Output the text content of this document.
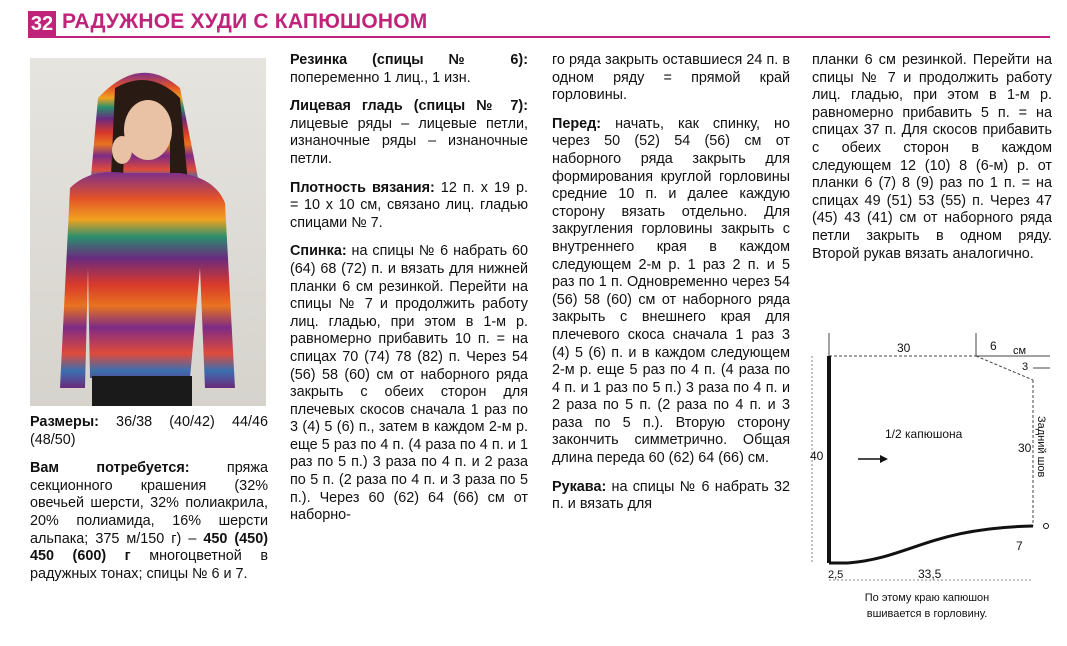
32 РАДУЖНОЕ ХУДИ С КАПЮШОНОМ

Размеры: 36/38 (40/42) 44/46 (48/50)

Вам потребуется: пряжа секционного крашения (32% овечьей шерсти, 32% полиакрила, 20% полиамида, 16% шерсти альпака; 375 м/150 г) – 450 (450) 450 (600) г многоцветной в радужных тонах; спицы № 6 и 7.

Резинка (спицы № 6): попеременно 1 лиц., 1 изн.

Лицевая гладь (спицы № 7): лицевые ряды – лицевые петли, изнаночные ряды – изнаночные петли.

Плотность вязания: 12 п. х 19 р. = 10 х 10 см, связано лиц. гладью спицами № 7.

Спинка: на спицы № 6 набрать 60 (64) 68 (72) п. и вязать для нижней планки 6 см резинкой. Перейти на спицы № 7 и продолжить работу лиц. гладью, при этом в 1-м р. равномерно прибавить 10 п. = на спицах 70 (74) 78 (82) п. Через 54 (56) 58 (60) см от наборного ряда закрыть с обеих сторон для плечевых скосов сначала 1 раз по 3 (4) 5 (6) п., затем в каждом 2-м р. еще 5 раз по 4 п. (4 раза по 4 п. и 1 раз по 5 п.) 3 раза по 4 п. и 2 раза по 5 п. (2 раза по 4 п. и 3 раза по 5 п.). Через 60 (62) 64 (66) см от наборно-

го ряда закрыть оставшиеся 24 п. в одном ряду = прямой край горловины.

Перед: начать, как спинку, но через 50 (52) 54 (56) см от наборного ряда закрыть для формирования круглой горловины средние 10 п. и далее каждую сторону вязать отдельно. Для закругления горловины закрыть с внутреннего края в каждом следующем 2-м р. 1 раз 2 п. и 5 раз по 1 п. Одновременно через 54 (56) 58 (60) см от наборного ряда закрыть с внешнего края для плечевого скоса сначала 1 раз 3 (4) 5 (6) п. и в каждом следующем 2-м р. еще 5 раз по 4 п. (4 раза по 4 п. и 1 раз по 5 п.) 3 раза по 4 п. и 2 раза по 5 п. (2 раза по 4 п. и 3 раза по 5 п.). Вторую сторону закончить симметрично. Общая длина переда 60 (62) 64 (66) см.

Рукава: на спицы № 6 набрать 32 п. и вязать для

планки 6 см резинкой. Перейти на спицы № 7 и продолжить работу лиц. гладью, при этом в 1-м р. равномерно прибавить 5 п. = на спицах 37 п. Для скосов прибавить с обеих сторон в каждом следующем 12 (10) 8 (6-м) р. от планки 6 (7) 8 (9) раз по 1 п. = на спицах 49 (51) 53 (55) п. Через 47 (45) 43 (41) см от наборного ряда петли закрыть в одном ряду. Второй рукав вязать аналогично.

30	6 см
3
40
30 Задний шов
1/2 капюшона
7
2,5	33,5
По этому краю капюшон
вшивается в горловину.
